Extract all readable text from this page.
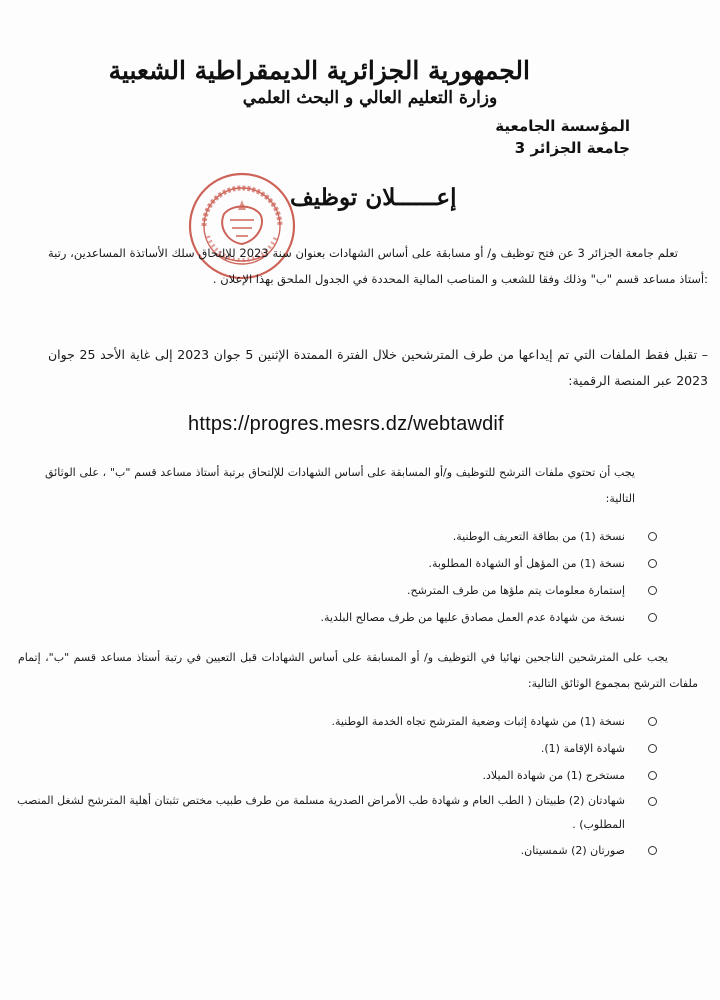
الجمهورية الجزائرية الديمقراطية الشعبية
وزارة التعليم العالي و البحث العلمي
المؤسسة الجامعية
جامعة الجزائر 3
إعــــــلان توظيف

تعلم جامعة الجزائر 3 عن فتح توظيف و/ أو مسابقة على أساس الشهادات بعنوان سنة 2023 للإلتحاق سلك الأساتذة المساعدين، رتبة :أستاذ مساعد قسم "ب" وذلك وفقا للشعب و المناصب المالية المحددة في الجدول الملحق بهذا الإعلان .

– تقبل فقط الملفات التي تم إيداعها من طرف المترشحين خلال الفترة الممتدة الإثنين 5 جوان 2023 إلى غاية الأحد 25 جوان 2023 عبر المنصة الرقمية:

https://progres.mesrs.dz/webtawdif

يجب أن تحتوي ملفات الترشح للتوظيف و/أو المسابقة على أساس الشهادات للإلتحاق برتبة أستاذ مساعد قسم "ب" ، على الوثائق التالية:

نسخة (1) من بطاقة التعريف الوطنية.
نسخة (1) من المؤهل أو الشهادة المطلوبة.
إستمارة معلومات يتم ملؤها من طرف المترشح.
نسخة من شهادة عدم العمل مصادق عليها من طرف مصالح البلدية.

يجب على المترشحين الناجحين نهائيا في التوظيف و/ أو المسابقة على أساس الشهادات قبل التعيين في رتبة أستاذ مساعد قسم "ب"، إتمام ملفات الترشح بمجموع الوثائق التالية:

نسخة (1) من شهادة إثبات وضعية المترشح تجاه الخدمة الوطنية.
شهادة الإقامة (1).
مستخرج (1) من شهادة الميلاد.
شهادتان (2) طبيتان ( الطب العام و شهادة طب الأمراض الصدرية مسلمة من طرف طبيب مختص تثبتان أهلية المترشح لشغل المنصب المطلوب) .
صورتان (2) شمسيتان.
